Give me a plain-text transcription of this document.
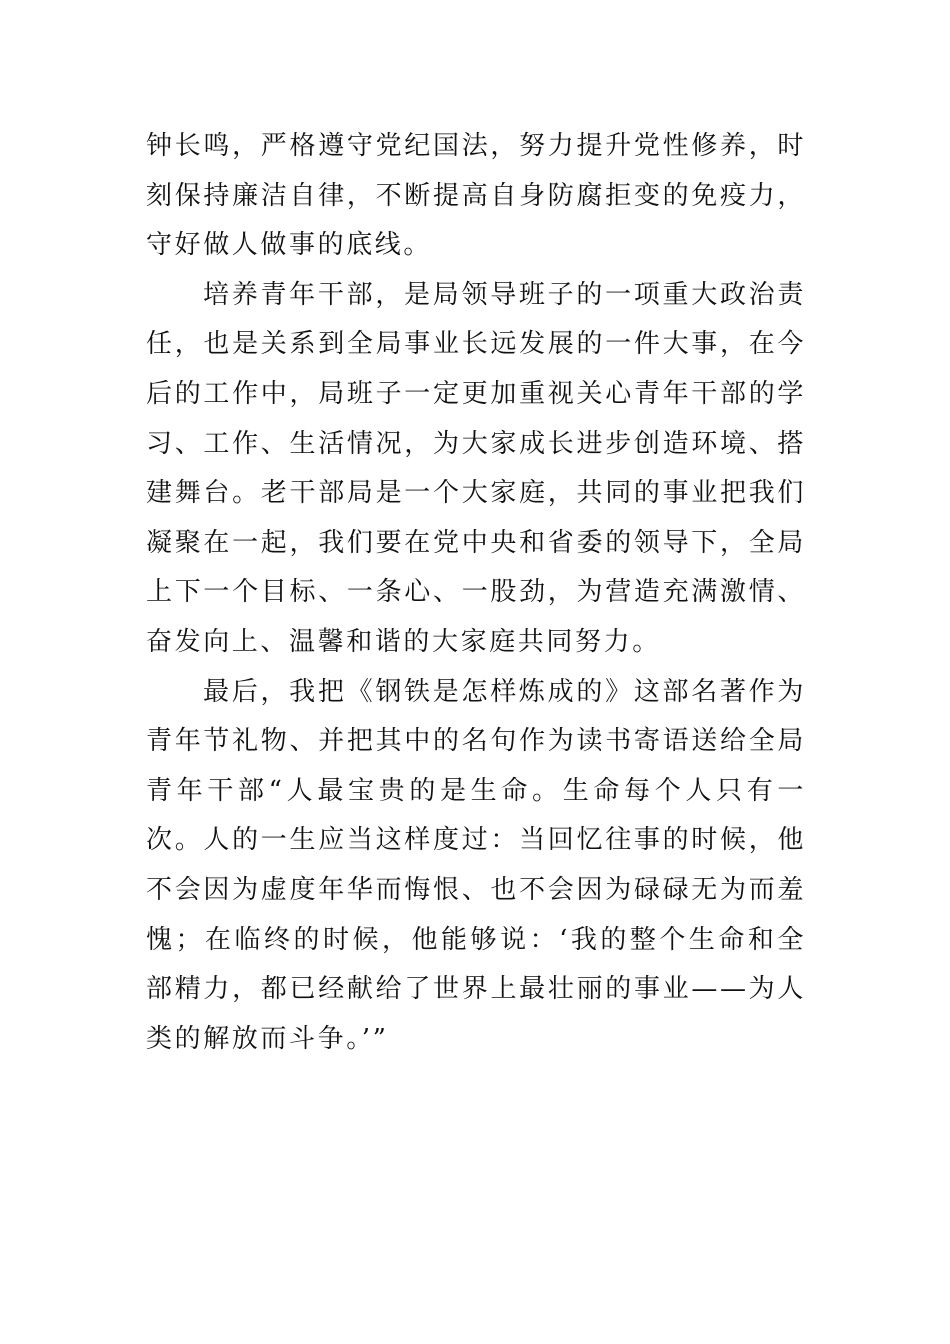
钟长鸣，严格遵守党纪国法，努力提升党性修养，时刻保持廉洁自律，不断提高自身防腐拒变的免疫力，守好做人做事的底线。

培养青年干部，是局领导班子的一项重大政治责任，也是关系到全局事业长远发展的一件大事，在今后的工作中，局班子一定更加重视关心青年干部的学习、工作、生活情况，为大家成长进步创造环境、搭建舞台。老干部局是一个大家庭，共同的事业把我们凝聚在一起，我们要在党中央和省委的领导下，全局上下一个目标、一条心、一股劲，为营造充满激情、奋发向上、温馨和谐的大家庭共同努力。

最后，我把《钢铁是怎样炼成的》这部名著作为青年节礼物、并把其中的名句作为读书寄语送给全局青年干部“人最宝贵的是生命。生命每个人只有一次。人的一生应当这样度过：当回忆往事的时候，他不会因为虚度年华而悔恨、也不会因为碌碌无为而羞愧；在临终的时候，他能够说：‘我的整个生命和全部精力，都已经献给了世界上最壮丽的事业——为人类的解放而斗争。’”
